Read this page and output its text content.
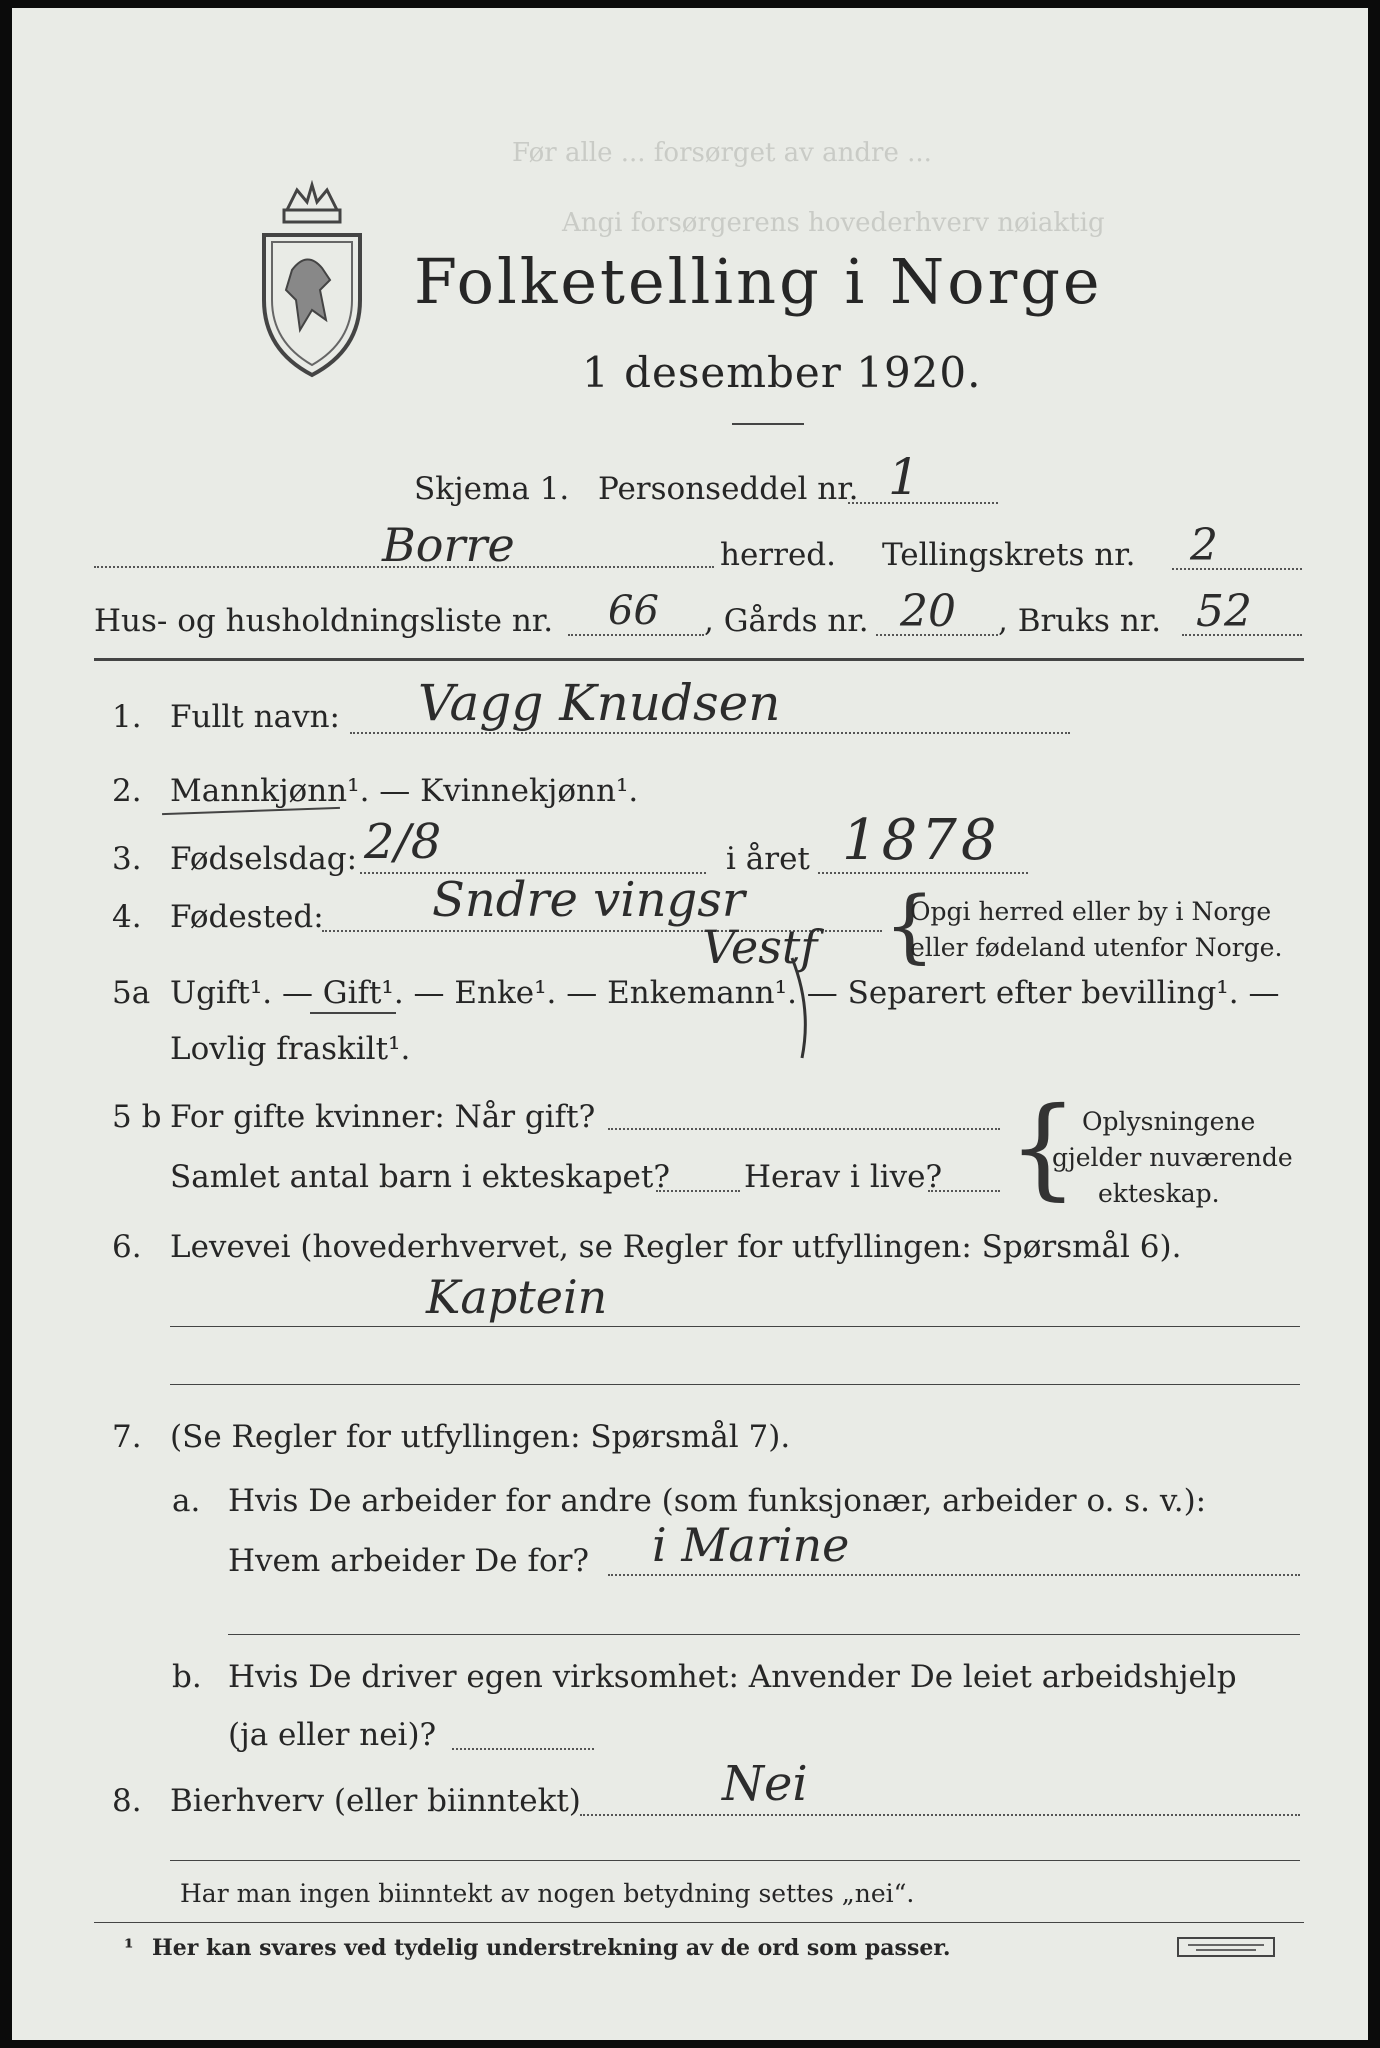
Folketelling i Norge
1 desember 1920.
Før alle ... forsørget av andre ...
Angi forsørgerens hovederhverv nøiaktig
Skjema 1. Personseddel nr. 1
Borre	herred. Tellingskrets nr. 2
Hus- og husholdningsliste nr. 66 , Gårds nr. 20 , Bruks nr. 52
1. Fullt navn: Vagg Knudsen
2. Mannkjønn¹. — Kvinnekjønn¹.
3. Fødselsdag: 2/8	i året 1878
4. Fødested: Sndre vingsr
Vestf {
Opgi herred eller by i Norge
eller fødeland utenfor Norge.
5a Ugift¹. — Gift¹. — Enke¹. — Enkemann¹. — Separert efter bevilling¹. —
Lovlig fraskilt¹.
5 b For gifte kvinner: Når gift?
Samlet antal barn i ekteskapet? Herav i live? { Oplysningene
gjelder nuværende
ekteskap.
6. Levevei (hovederhvervet, se Regler for utfyllingen: Spørsmål 6).
Kaptein
7. (Se Regler for utfyllingen: Spørsmål 7).
a. Hvis De arbeider for andre (som funksjonær, arbeider o. s. v.):
Hvem arbeider De for? i Marine
b. Hvis De driver egen virksomhet: Anvender De leiet arbeidshjelp
(ja eller nei)?
8. Bierhverv (eller biinntekt)	Nei
Har man ingen biinntekt av nogen betydning settes „nei“.
¹ Her kan svares ved tydelig understrekning av de ord som passer.
